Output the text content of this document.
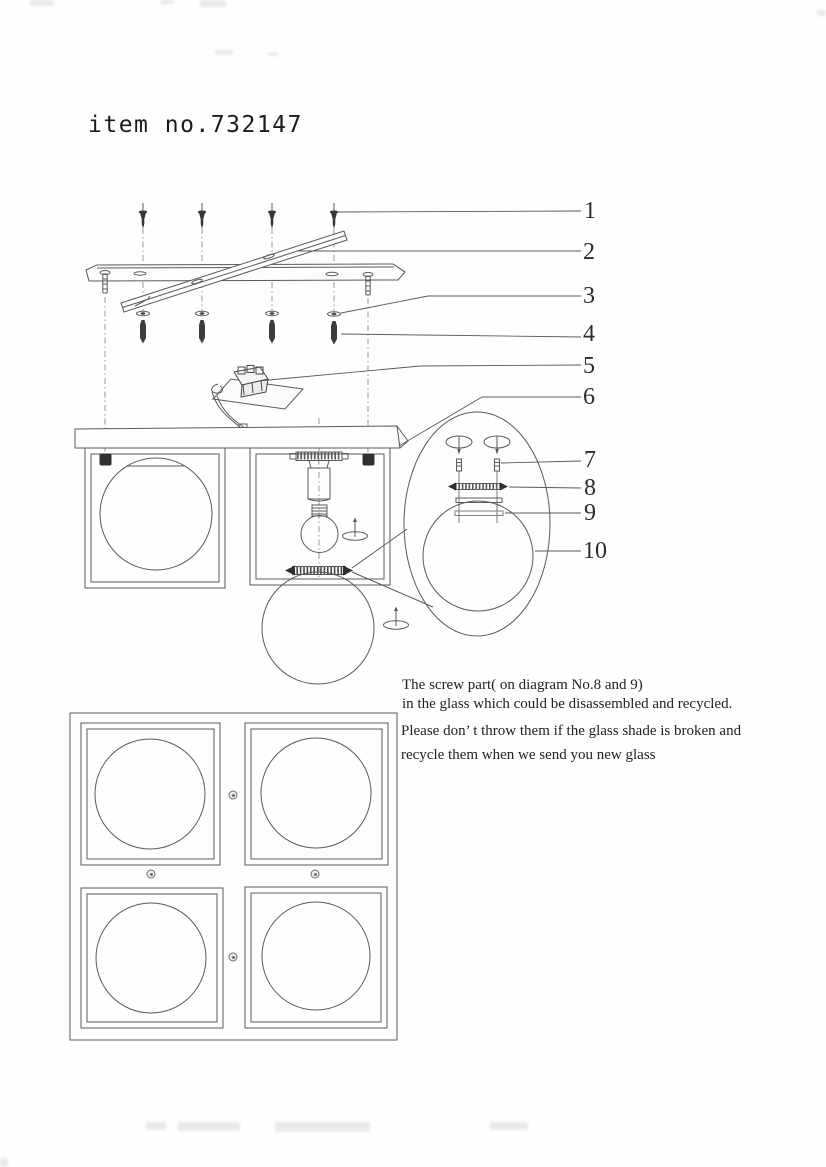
item no.732147
1
2
3
4
5
6
7
8
9
10
The screw part( on diagram No.8 and 9)
in the glass which could be disassembled and recycled.
Please don’ t throw them if the glass shade is broken and
recycle them when we send you new glass
